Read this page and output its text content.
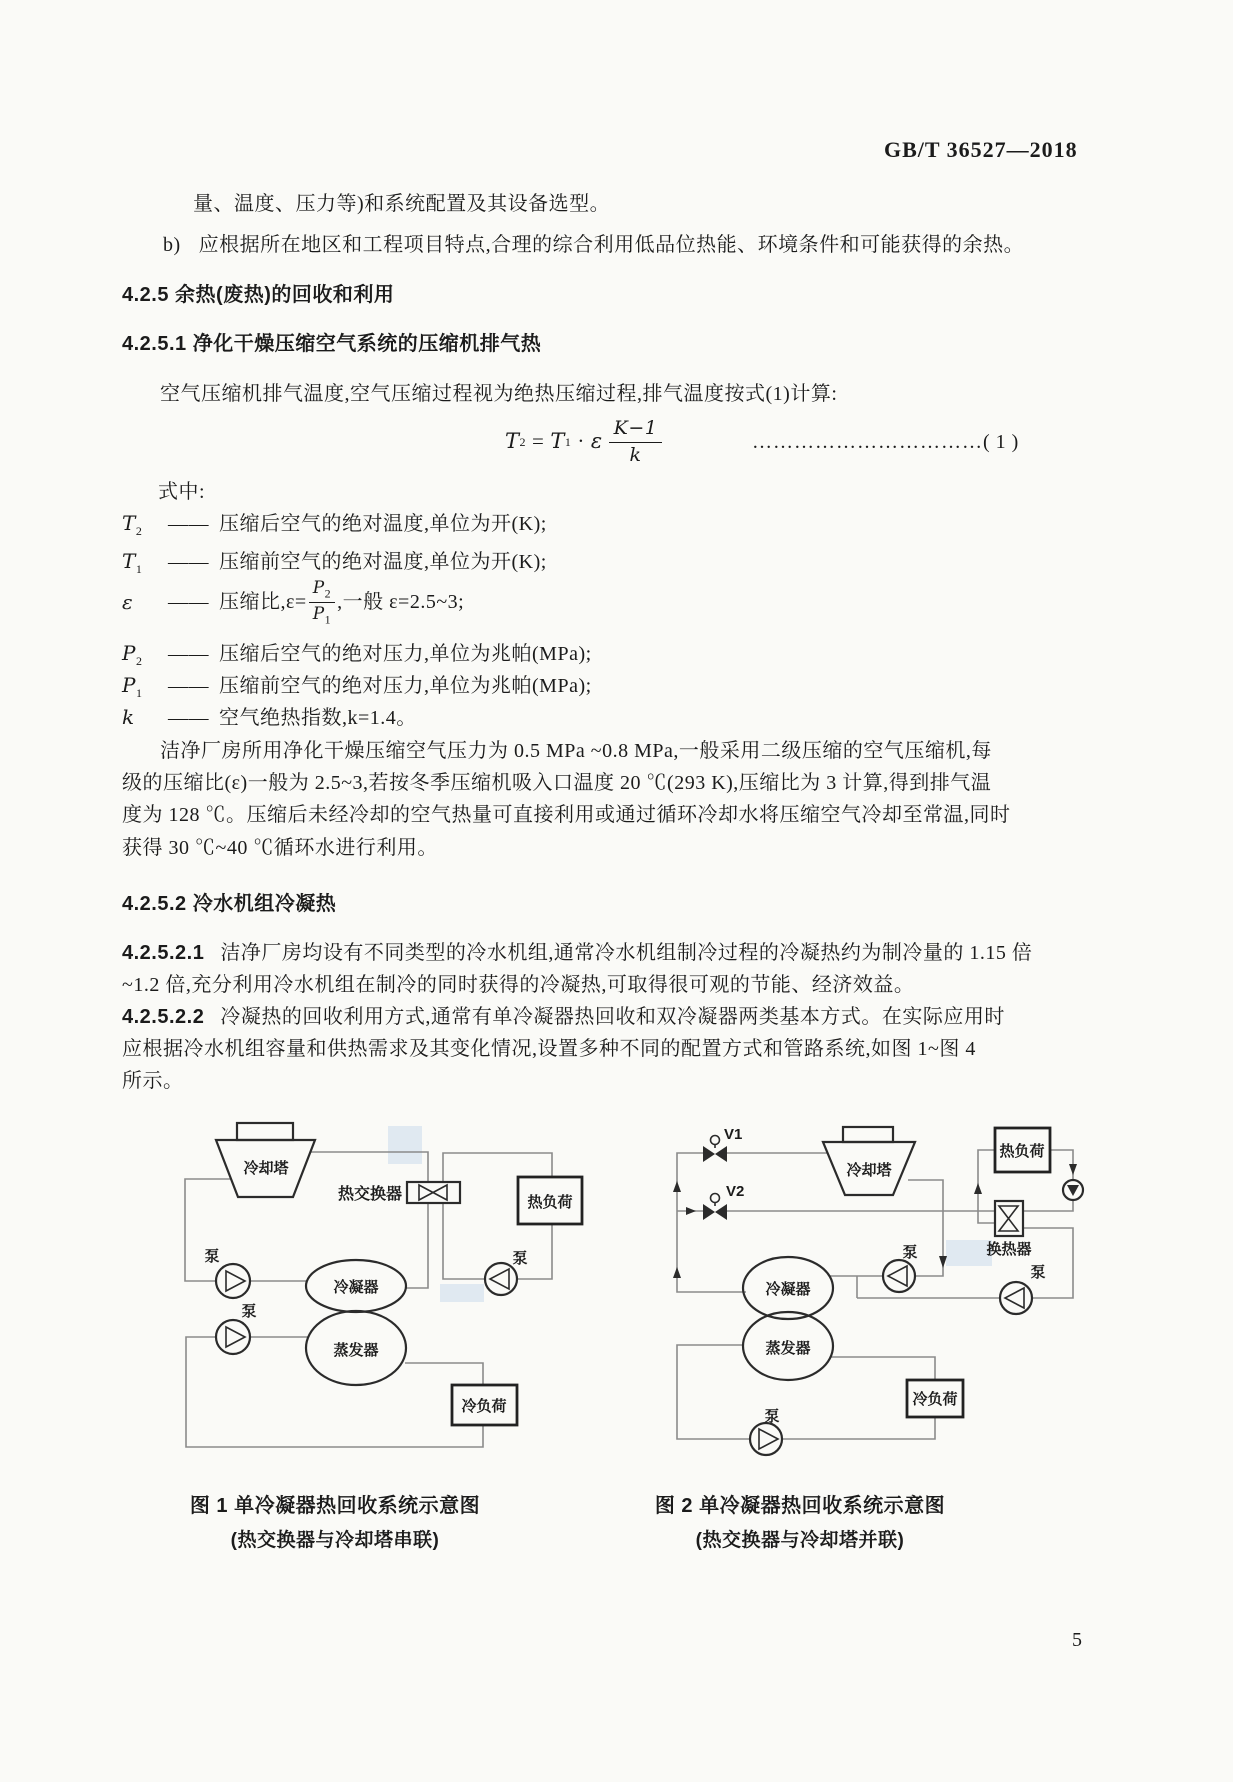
GB/T 36527—2018
量、温度、压力等)和系统配置及其设备选型。
b) 应根据所在地区和工程项目特点,合理的综合利用低品位热能、环境条件和可能获得的余热。
4.2.5 余热(废热)的回收和利用
4.2.5.1 净化干燥压缩空气系统的压缩机排气热
空气压缩机排气温度,空气压缩过程视为绝热压缩过程,排气温度按式(1)计算:
T 2 = T 1 · ε $\frac{K-1}{k}$	……………………………( 1 )
式中:
$T_2$	—— 压缩后空气的绝对温度,单位为开(K);
$T_1$	—— 压缩前空气的绝对温度,单位为开(K);
ε	—— 压缩比$,\varepsilon= \frac{P_2}{P_1}$ ,一般 ε=2.5~3;
$P_2$	—— 压缩后空气的绝对压力,单位为兆帕(MPa);
$P_1$	—— 压缩前空气的绝对压力,单位为兆帕(MPa);
k	—— 空气绝热指数,k=1.4。
洁净厂房所用净化干燥压缩空气压力为 0.5 MPa ~0.8 MPa,一般采用二级压缩的空气压缩机,每
级的压缩比(ε)一般为 2.5~3,若按冬季压缩机吸入口温度 20 ℃(293 K),压缩比为 3 计算,得到排气温
度为 128 ℃。压缩后未经冷却的空气热量可直接利用或通过循环冷却水将压缩空气冷却至常温,同时
获得 30 ℃~40 ℃循环水进行利用。
4.2.5.2 冷水机组冷凝热
4.2.5.2.1 洁净厂房均设有不同类型的冷水机组,通常冷水机组制冷过程的冷凝热约为制冷量的 1.15 倍
~1.2 倍,充分利用冷水机组在制冷的同时获得的冷凝热,可取得很可观的节能、经济效益。
4.2.5.2.2 冷凝热的回收利用方式,通常有单冷凝器热回收和双冷凝器两类基本方式。在实际应用时
应根据冷水机组容量和供热需求及其变化情况,设置多种不同的配置方式和管路系统,如图 1~图 4
所示。
冷却塔
热交换器	热负荷
冷凝器
蒸发器
冷负荷
泵
泵
泵
V1
V2
冷却塔
热负荷
换热器
冷凝器
蒸发器
冷负荷
泵
泵
泵
图 1 单冷凝器热回收系统示意图
(热交换器与冷却塔串联)
图 2 单冷凝器热回收系统示意图
(热交换器与冷却塔并联)
5
